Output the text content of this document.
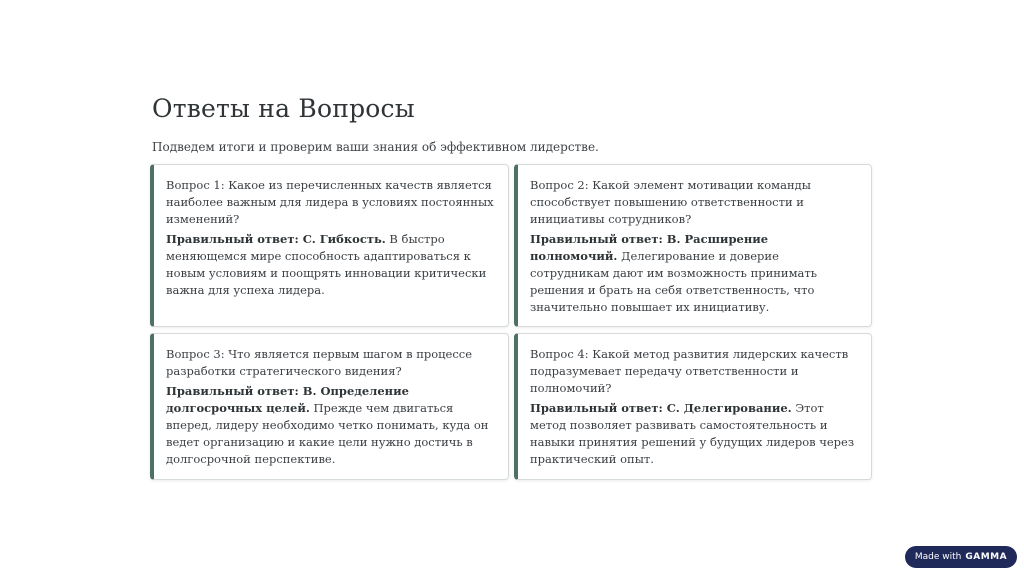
Ответы на Вопросы
Подведем итоги и проверим ваши знания об эффективном лидерстве.

Вопрос 1: Какое из перечисленных качеств является наиболее важным для лидера в условиях постоянных изменений?

Правильный ответ: C. Гибкость. В быстро меняющемся мире способность адаптироваться к новым условиям и поощрять инновации критически важна для успеха лидера.

Вопрос 2: Какой элемент мотивации команды способствует повышению ответственности и инициативы сотрудников?

Правильный ответ: B. Расширение полномочий. Делегирование и доверие сотрудникам дают им возможность принимать решения и брать на себя ответственность, что значительно повышает их инициативу.

Вопрос 3: Что является первым шагом в процессе разработки стратегического видения?

Правильный ответ: B. Определение долгосрочных целей. Прежде чем двигаться вперед, лидеру необходимо четко понимать, куда он ведет организацию и какие цели нужно достичь в долгосрочной перспективе.

Вопрос 4: Какой метод развития лидерских качеств подразумевает передачу ответственности и полномочий?

Правильный ответ: C. Делегирование. Этот метод позволяет развивать самостоятельность и навыки принятия решений у будущих лидеров через практический опыт.

Made with GAMMA
